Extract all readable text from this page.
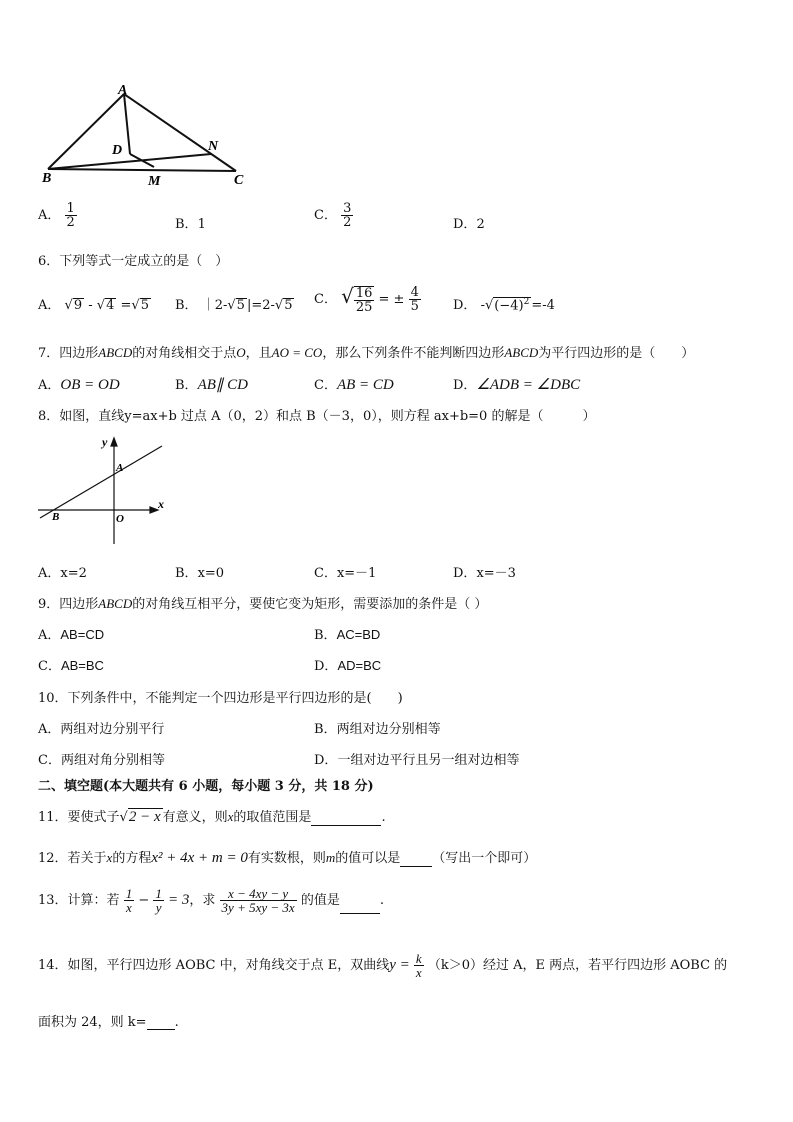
A
B	C
D
M
N
A． $\frac{1}{2}$	B．1
C． $\frac{3}{2}$	D．2
6．下列等式一定成立的是（　）
A． √9 - √4 =√5 B． ｜2-√5 |=2-√5 C． √ $\frac{16}{25}$ = ± $\frac{4}{5}$ D． $-√(-4)^2 =-4$
7．四边形ABCD的对角线相交于点O，且AO = CO，那么下列条件不能判断四边形ABCD为平行四边形的是（　　）
A．OB = OD	B．AB∥ CD	C．AB = CD	D．∠ADB = ∠DBC
8．如图，直线y=ax+b 过点 A（0，2）和点 B（－3，0），则方程 ax+b=0 的解是（　　　）
y
x
A
B	O
A．x=2	B．x=0	C．x=－1	D．x=－3
9．四边形ABCD的对角线互相平分，要使它变为矩形，需要添加的条件是（ ）
A．AB=CD	B．AC=BD
C．AB=BC	D．AD=BC
10．下列条件中，不能判定一个四边形是平行四边形的是(　　)
A．两组对边分别平行	B．两组对边分别相等
C．两组对角分别相等	D．一组对边平行且另一组对边相等
二、填空题(本大题共有 6 小题，每小题 3 分，共 18 分)
11．要使式子√2 − x 有意义，则x的取值范围是	.
12．若关于x的方程x² + 4x + m = 0有实数根，则m的值可以是 （写出一个即可）
13．计算：若 $\frac{1}{x} - \frac{1}{y} = 3$，求 $\frac{x - 4xy - y}{3y + 5xy - 3x}$ 的值是	.
14．如图，平行四边形 AOBC 中，对角线交于点 E，双曲线$y = \frac{k}{x} (k>0)$经过 A，E 两点，若平行四边形 AOBC 的
面积为 24，则 k= .
